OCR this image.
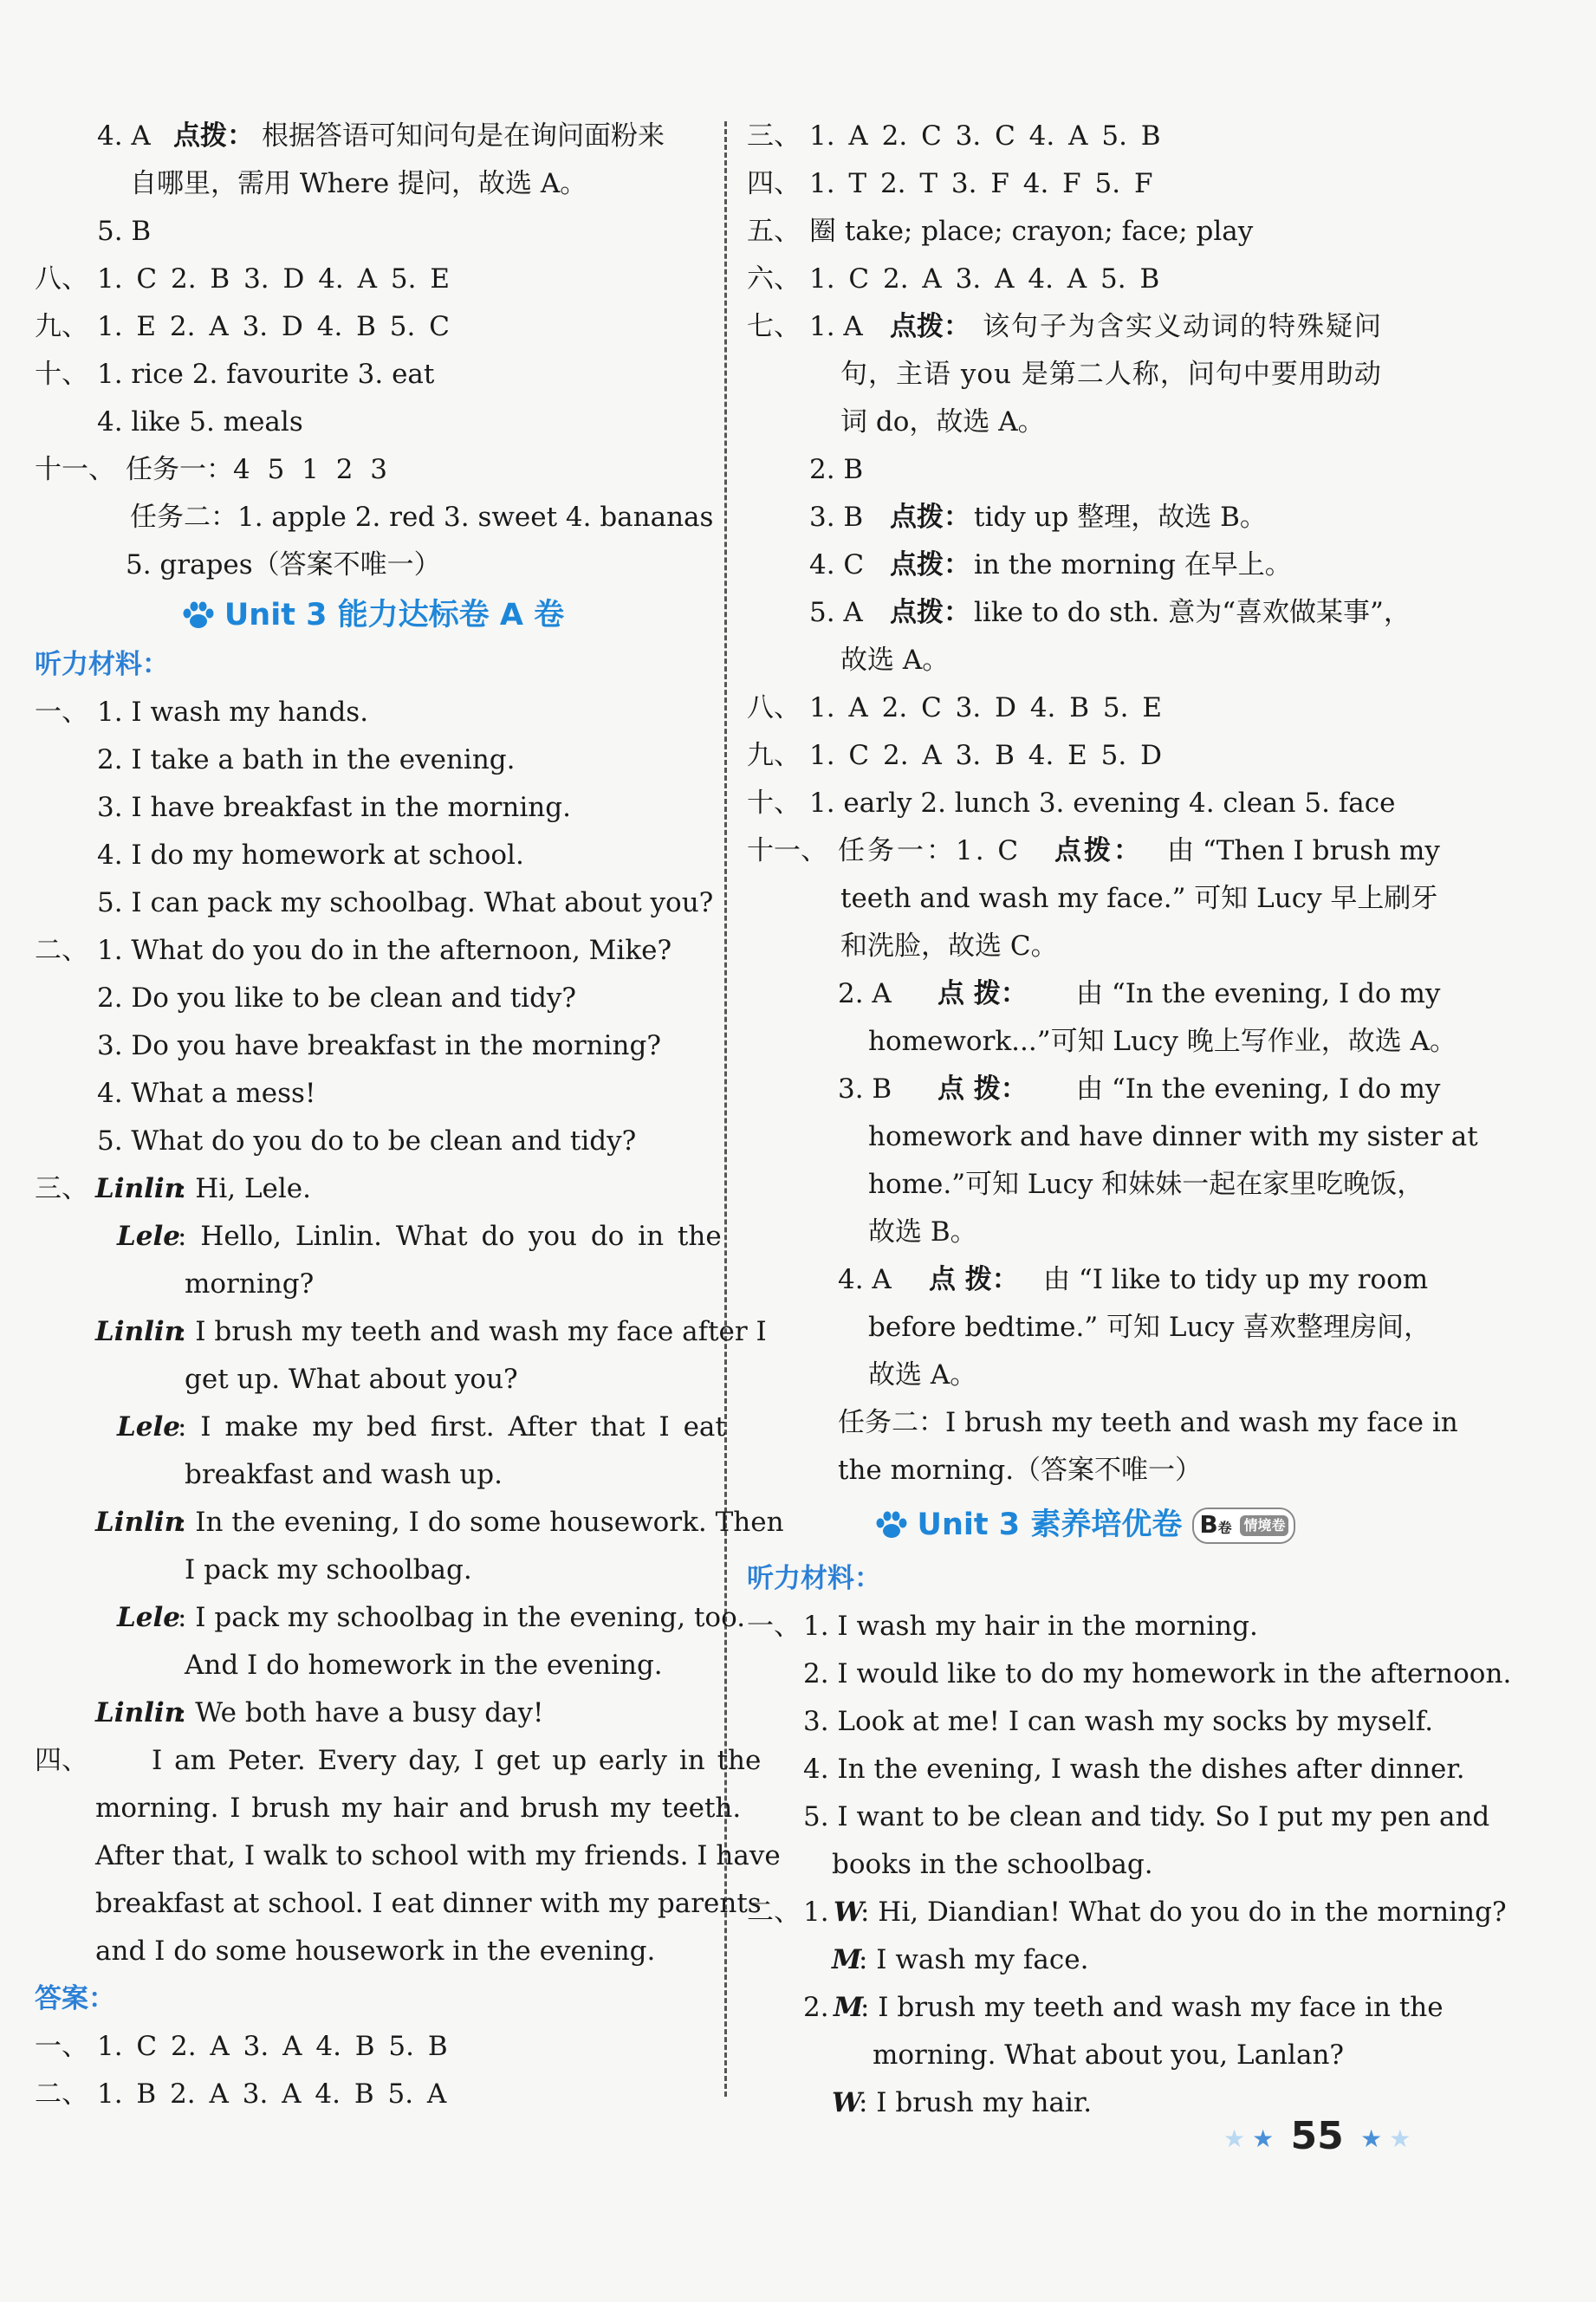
4. A 点拨： 根据答语可知问句是在询问面粉来
自哪里，需用 Where 提问，故选 A。
5. B
八、 1. C 2. B 3. D 4. A 5. E
九、 1. E 2. A 3. D 4. B 5. C
十、 1. rice 2. favourite 3. eat
4. like 5. meals
十一、 任务一：4 5 1 2 3
任务二：1. apple 2. red 3. sweet 4. bananas
5. grapes（答案不唯一）
Unit 3 能力达标卷 A 卷
听力材料：
一、 1. I wash my hands.
2. I take a bath in the evening.
3. I have breakfast in the morning.
4. I do my homework at school.
5. I can pack my schoolbag. What about you?
二、 1. What do you do in the afternoon, Mike?
2. Do you like to be clean and tidy?
3. Do you have breakfast in the morning?
4. What a mess!
5. What do you do to be clean and tidy?
三、 Linlin
: Hi, Lele.
Lele
: Hello, Linlin. What do you do in the
morning?
Linlin
: I brush my teeth and wash my face after I
get up. What about you?
Lele
: I make my bed first. After that I eat
breakfast and wash up.
Linlin
: In the evening, I do some housework. Then
I pack my schoolbag.
Lele
: I pack my schoolbag in the evening, too.
And I do homework in the evening.
Linlin
: We both have a busy day!
四、 I am Peter. Every day, I get up early in the
morning. I brush my hair and brush my teeth.
After that, I walk to school with my friends. I have
breakfast at school. I eat dinner with my parents
and I do some housework in the evening.
答案：
一、 1. C 2. A 3. A 4. B 5. B
二、 1. B 2. A 3. A 4. B 5. A
三、 1. A 2. C 3. C 4. A 5. B
四、 1. T 2. T 3. F 4. F 5. F
五、 圈 take; place; crayon; face; play
六、 1. C 2. A 3. A 4. A 5. B
七、 1. A 点拨： 该句子为含实义动词的特殊疑问
句，主语 you 是第二人称，问句中要用助动
词 do，故选 A。
2. B
3. B 点拨： tidy up 整理，故选 B。
4. C 点拨： in the morning 在早上。
5. A 点拨： like to do sth. 意为“喜欢做某事”，
故选 A。
八、 1. A 2. C 3. D 4. B 5. E
九、 1. C 2. A 3. B 4. E 5. D
十、 1. early 2. lunch 3. evening 4. clean 5. face
十一、 任务一：1. C 点拨： 由 “Then I brush my
teeth and wash my face.” 可知 Lucy 早上刷牙
和洗脸，故选 C。
2. A 点 拨： 由 “In the evening, I do my
homework...”可知 Lucy 晚上写作业，故选 A。
3. B 点 拨： 由 “In the evening, I do my
homework and have dinner with my sister at
home.”可知 Lucy 和妹妹一起在家里吃晚饭，
故选 B。
4. A 点 拨： 由 “I like to tidy up my room
before bedtime.” 可知 Lucy 喜欢整理房间，
故选 A。
任务二：I brush my teeth and wash my face in
the morning.（答案不唯一）
Unit 3 素养培优卷 B卷 情境卷
听力材料：
一、 1. I wash my hair in the morning.
2. I would like to do my homework in the afternoon.
3. Look at me! I can wash my socks by myself.
4. In the evening, I wash the dishes after dinner.
5. I want to be clean and tidy. So I put my pen and
books in the schoolbag.
二、 1. W
: Hi, Diandian! What do you do in the morning?
M
: I wash my face.
2. M
: I brush my teeth and wash my face in the
morning. What about you, Lanlan?
W
: I brush my hair.
★ ★ 55 ★ ★
